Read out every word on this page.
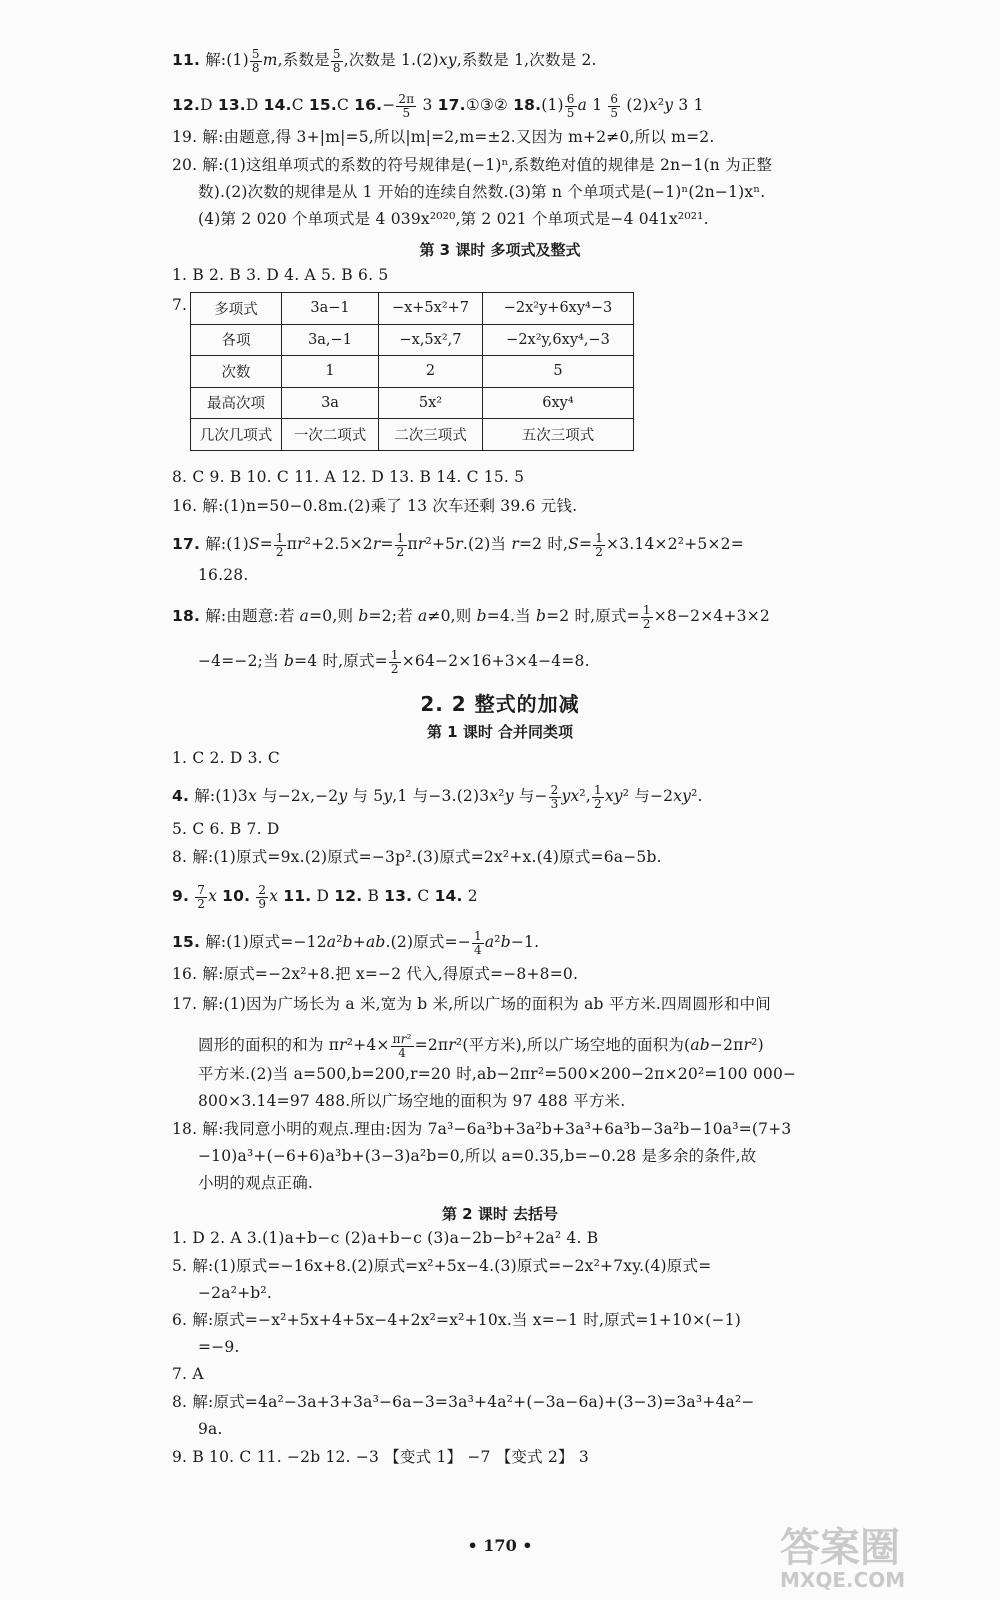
11. 解:(1) $\frac{5}{8} m$,系数是 $\frac{5}{8}$ ,次数是 1.(2)xy,系数是 1,次数是 2.
12.D 13.D 14.C 15.C $16.- \frac{2\pi}{5} 3$ 17.①③② $18.(1) \frac{6}{5}$ a $1 \frac{6}{5} (2)x^2y$ 3 1
19. 解:由题意,得 3+|m|=5,所以|m|=2,m=±2.又因为 m+2≠0,所以 m=2.
20. 解:(1)这组单项式的系数的符号规律是(−1)ⁿ,系数绝对值的规律是 2n−1(n 为正整
数).(2)次数的规律是从 1 开始的连续自然数.(3)第 n 个单项式是(−1)ⁿ(2n−1)xⁿ.
(4)第 2 020 个单项式是 4 039x²⁰²⁰,第 2 021 个单项式是−4 041x²⁰²¹.
第 3 课时 多项式及整式
1. B 2. B 3. D 4. A 5. B 6. 5
7.	多项式	3a−1	−x+5x²+7	−2x²y+6xy⁴−3
各项	3a,−1	−x,5x²,7	−2x²y,6xy⁴,−3
次数	1	2	5
最高次项	3a	5x²	6xy⁴
几次几项式	一次二项式	二次三项式	五次三项式
8. C 9. B 10. C 11. A 12. D 13. B 14. C 15. 5
16. 解:(1)n=50−0.8m.(2)乘了 13 次车还剩 39.6 元钱.
17. 解:(1)S= $\frac{1}{2} \pi r^2+2.5\times 2r= \frac{1}{2} \pi r^2+5r.(2)$当 r=2 时$,S= \frac{1}{2} \times 3.14\times 2^2+5\times 2=$
16.28.
18. 解:由题意:若 a=0,则 b=2;若 a≠0,则 b=4.当 b=2 时,原式= $\frac{1}{2} \times 8-2\times 4+3\times 2$
−4=−2;当 b=4 时,原式= $\frac{1}{2} \times 64-2\times 16+3\times 4-4=8$.
2. 2 整式的加减
第 1 课时 合并同类项
1. C 2. D 3. C
4. 解:(1)3x 与−2x,−2y 与 5y,1 与−3.(2)3x²y 与− $\frac{2}{3} yx^2$, $\frac{1}{2} xy^2$ 与−2xy².
5. C 6. B 7. D
8. 解:(1)原式=9x.(2)原式=−3p².(3)原式=2x²+x.(4)原式=6a−5b.
9. $\frac{7}{2}$ x 10. $\frac{2}{9}$ x 11. D 12. B 13. C 14. 2
15. 解:(1)原式=−12a²b+ab.(2)原式=− $\frac{1}{4} a^2b-1$.
16. 解:原式=−2x²+8.把 x=−2 代入,得原式=−8+8=0.
17. 解:(1)因为广场长为 a 米,宽为 b 米,所以广场的面积为 ab 平方米.四周圆形和中间
圆形的面积的和为 $\pi r^2+4\times \frac{\text{πr²}}{4} =2\pi r^2$(平方米),所以广场空地的面积为(ab−2πr²)
平方米.(2)当 a=500,b=200,r=20 时,ab−2πr²=500×200−2π×20²=100 000−
800×3.14=97 488.所以广场空地的面积为 97 488 平方米.
18. 解:我同意小明的观点.理由:因为 7a³−6a³b+3a²b+3a³+6a³b−3a²b−10a³=(7+3
−10)a³+(−6+6)a³b+(3−3)a²b=0,所以 a=0.35,b=−0.28 是多余的条件,故
小明的观点正确.
第 2 课时 去括号
1. D 2. A 3.(1)a+b−c (2)a+b−c (3)a−2b−b²+2a² 4. B
5. 解:(1)原式=−16x+8.(2)原式=x²+5x−4.(3)原式=−2x²+7xy.(4)原式=
−2a²+b².
6. 解:原式=−x²+5x+4+5x−4+2x²=x²+10x.当 x=−1 时,原式=1+10×(−1)
=−9.
7. A
8. 解:原式=4a²−3a+3+3a³−6a−3=3a³+4a²+(−3a−6a)+(3−3)=3a³+4a²−
9a.
9. B 10. C 11. −2b 12. −3 【变式 1】 −7 【变式 2】 3
• 170 •	答案圈
MXQE.COM
